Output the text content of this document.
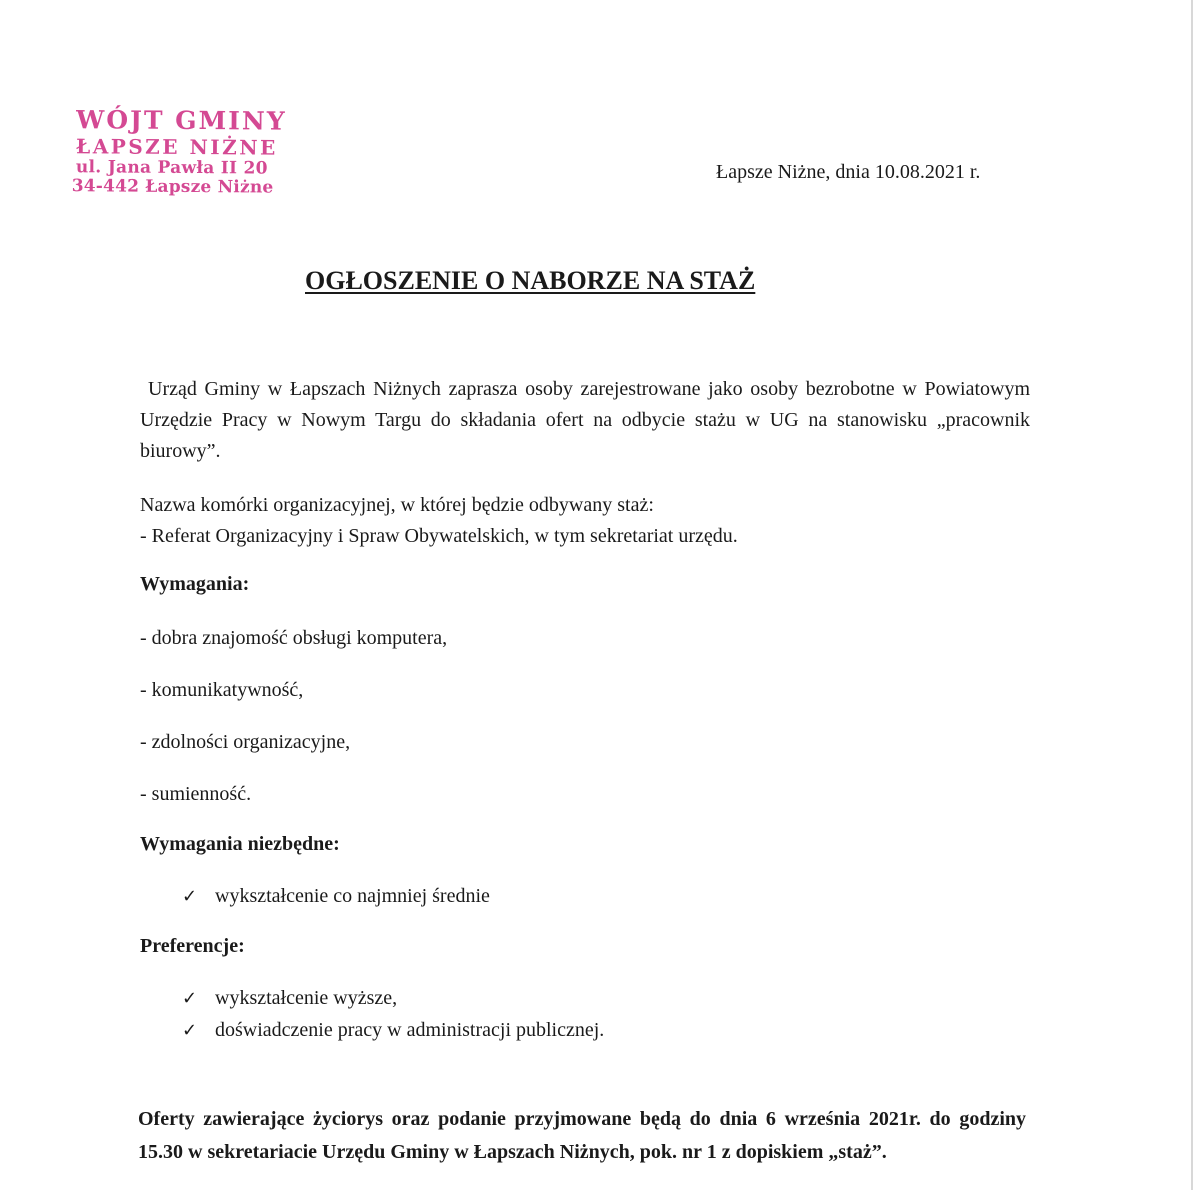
WÓJT GMINY
ŁAPSZE NIŻNE
ul. Jana Pawła II 20
34-442 Łapsze Niżne
Łapsze Niżne, dnia 10.08.2021 r.
OGŁOSZENIE O NABORZE NA STAŻ
Urząd Gminy w Łapszach Niżnych zaprasza osoby zarejestrowane jako osoby bezrobotne w Powiatowym Urzędzie Pracy w Nowym Targu do składania ofert na odbycie stażu w UG na stanowisku „pracownik biurowy”.
Nazwa komórki organizacyjnej, w której będzie odbywany staż:
- Referat Organizacyjny i Spraw Obywatelskich, w tym sekretariat urzędu.
Wymagania:
- dobra znajomość obsługi komputera,
- komunikatywność,
- zdolności organizacyjne,
- sumienność.
Wymagania niezbędne:
✓ wykształcenie co najmniej średnie
Preferencje:
✓ wykształcenie wyższe,
✓ doświadczenie pracy w administracji publicznej.
Oferty zawierające życiorys oraz podanie przyjmowane będą do dnia 6 września 2021r. do godziny 15.30 w sekretariacie Urzędu Gminy w Łapszach Niżnych, pok. nr 1 z dopiskiem „staż”.
